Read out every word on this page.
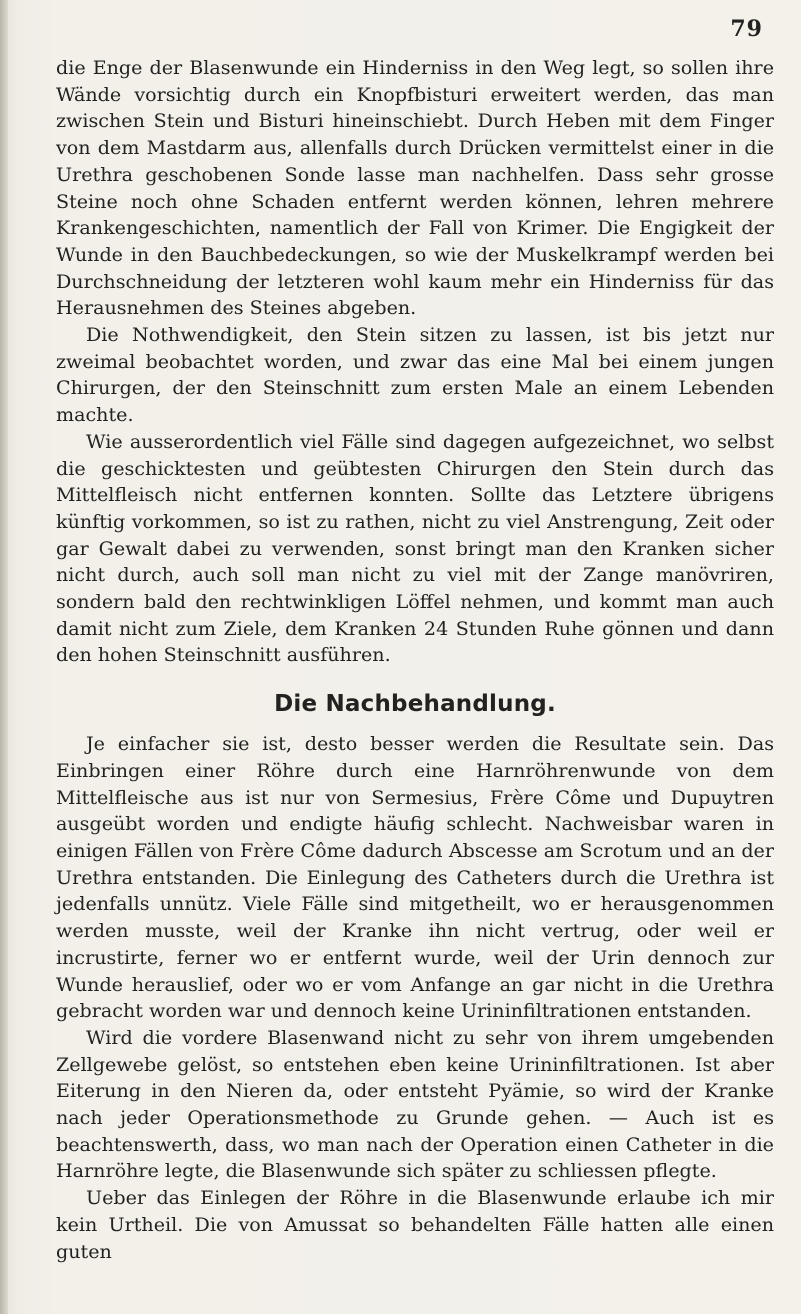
79

die Enge der Blasenwunde ein Hinderniss in den Weg legt, so sollen ihre Wände vorsichtig durch ein Knopfbisturi erweitert werden, das man zwischen Stein und Bisturi hineinschiebt. Durch Heben mit dem Finger von dem Mastdarm aus, allenfalls durch Drücken vermittelst einer in die Urethra geschobenen Sonde lasse man nachhelfen. Dass sehr grosse Steine noch ohne Schaden entfernt werden können, lehren mehrere Krankengeschichten, namentlich der Fall von Krimer. Die Engigkeit der Wunde in den Bauchbedeckungen, so wie der Muskelkrampf werden bei Durchschneidung der letzteren wohl kaum mehr ein Hinderniss für das Herausnehmen des Steines abgeben.

Die Nothwendigkeit, den Stein sitzen zu lassen, ist bis jetzt nur zweimal beobachtet worden, und zwar das eine Mal bei einem jungen Chirurgen, der den Steinschnitt zum ersten Male an einem Lebenden machte.

Wie ausserordentlich viel Fälle sind dagegen aufgezeichnet, wo selbst die geschicktesten und geübtesten Chirurgen den Stein durch das Mittelfleisch nicht entfernen konnten. Sollte das Letztere übrigens künftig vorkommen, so ist zu rathen, nicht zu viel Anstrengung, Zeit oder gar Gewalt dabei zu verwenden, sonst bringt man den Kranken sicher nicht durch, auch soll man nicht zu viel mit der Zange manövriren, sondern bald den rechtwinkligen Löffel nehmen, und kommt man auch damit nicht zum Ziele, dem Kranken 24 Stunden Ruhe gönnen und dann den hohen Steinschnitt ausführen.

Die Nachbehandlung.

Je einfacher sie ist, desto besser werden die Resultate sein. Das Einbringen einer Röhre durch eine Harnröhrenwunde von dem Mittelfleische aus ist nur von Sermesius, Frère Côme und Dupuytren ausgeübt worden und endigte häufig schlecht. Nachweisbar waren in einigen Fällen von Frère Côme dadurch Abscesse am Scrotum und an der Urethra entstanden. Die Einlegung des Catheters durch die Urethra ist jedenfalls unnütz. Viele Fälle sind mitgetheilt, wo er herausgenommen werden musste, weil der Kranke ihn nicht vertrug, oder weil er incrustirte, ferner wo er entfernt wurde, weil der Urin dennoch zur Wunde herauslief, oder wo er vom Anfange an gar nicht in die Urethra gebracht worden war und dennoch keine Urininfiltrationen entstanden.

Wird die vordere Blasenwand nicht zu sehr von ihrem umgebenden Zellgewebe gelöst, so entstehen eben keine Urininfiltrationen. Ist aber Eiterung in den Nieren da, oder entsteht Pyämie, so wird der Kranke nach jeder Operationsmethode zu Grunde gehen. — Auch ist es beachtenswerth, dass, wo man nach der Operation einen Catheter in die Harnröhre legte, die Blasenwunde sich später zu schliessen pflegte.

Ueber das Einlegen der Röhre in die Blasenwunde erlaube ich mir kein Urtheil. Die von Amussat so behandelten Fälle hatten alle einen guten
